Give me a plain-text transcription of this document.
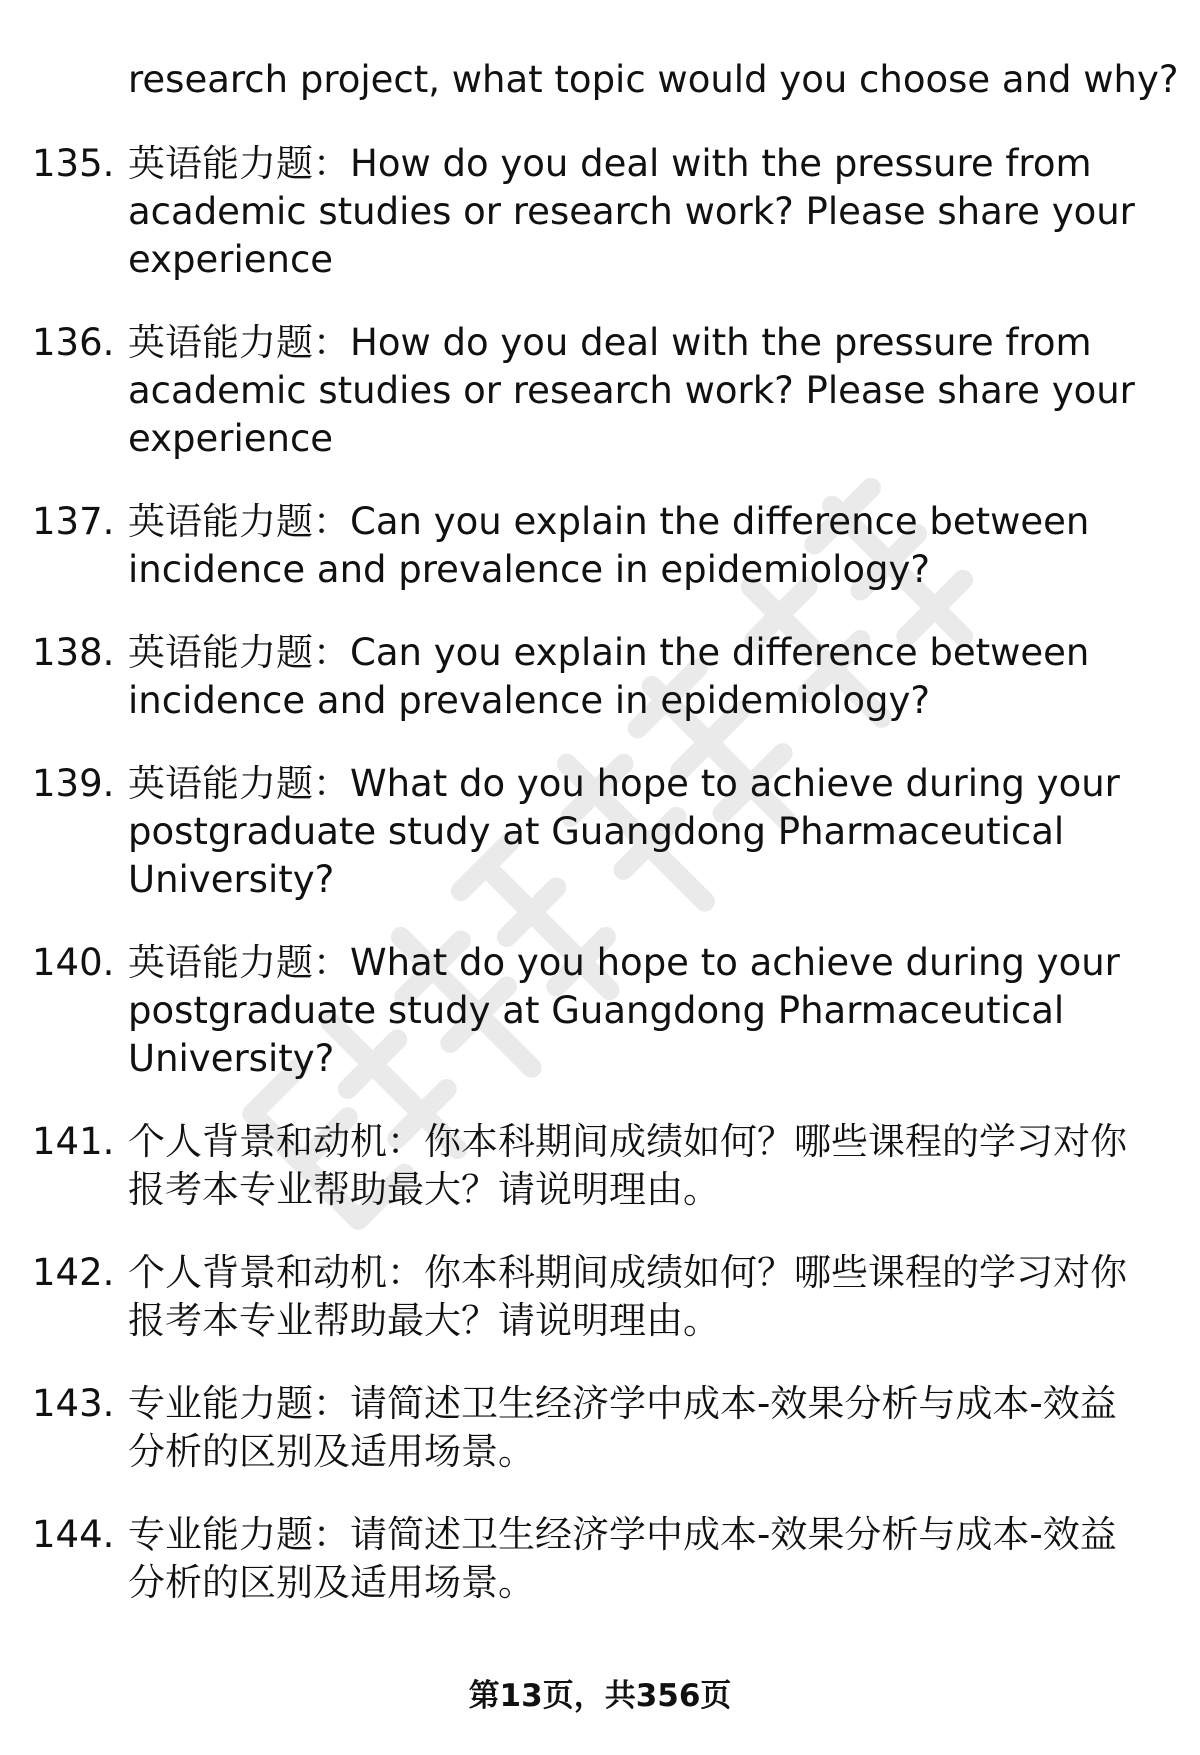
research project, what topic would you choose and why?
135. 英语能力题：How do you deal with the pressure from academic studies or research work? Please share your experience
136. 英语能力题：How do you deal with the pressure from academic studies or research work? Please share your experience
137. 英语能力题：Can you explain the difference between incidence and prevalence in epidemiology?
138. 英语能力题：Can you explain the difference between incidence and prevalence in epidemiology?
139. 英语能力题：What do you hope to achieve during your postgraduate study at Guangdong Pharmaceutical University?
140. 英语能力题：What do you hope to achieve during your postgraduate study at Guangdong Pharmaceutical University?
141. 个人背景和动机：你本科期间成绩如何？哪些课程的学习对你报考本专业帮助最大？请说明理由。
142. 个人背景和动机：你本科期间成绩如何？哪些课程的学习对你报考本专业帮助最大？请说明理由。
143. 专业能力题：请简述卫生经济学中成本-效果分析与成本-效益分析的区别及适用场景。
144. 专业能力题：请简述卫生经济学中成本-效果分析与成本-效益分析的区别及适用场景。
第13页，共356页
